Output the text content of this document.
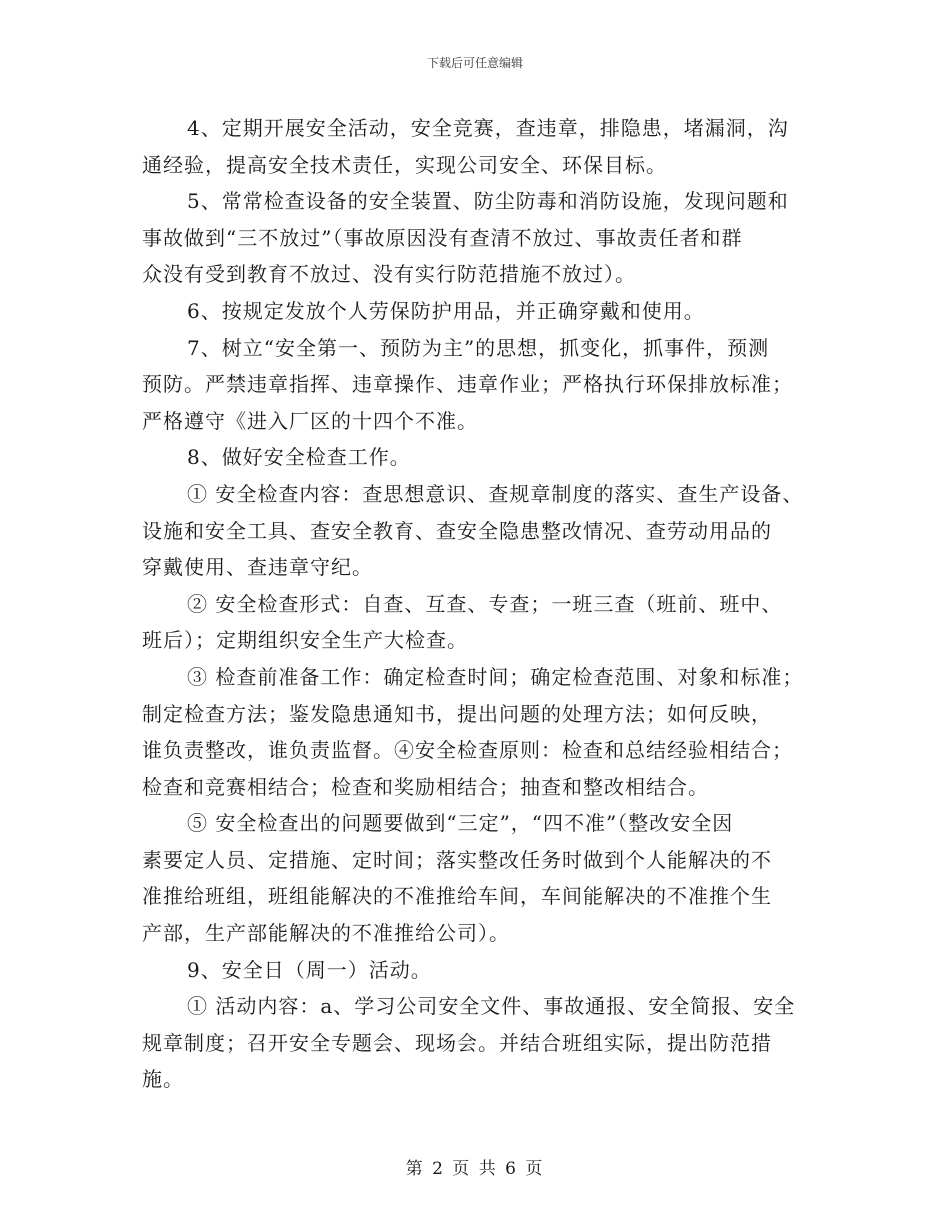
下载后可任意编辑
4、定期开展安全活动，安全竞赛，查违章，排隐患，堵漏洞，沟
通经验，提高安全技术责任，实现公司安全、环保目标。
5、常常检查设备的安全装置、防尘防毒和消防设施，发现问题和
事故做到“三不放过”（事故原因没有查清不放过、事故责任者和群
众没有受到教育不放过、没有实行防范措施不放过）。
6、按规定发放个人劳保防护用品，并正确穿戴和使用。
7、树立“安全第一、预防为主”的思想，抓变化，抓事件，预测
预防。严禁违章指挥、违章操作、违章作业；严格执行环保排放标准；
严格遵守《进入厂区的十四个不准。
8、做好安全检查工作。
① 安全检查内容：查思想意识、查规章制度的落实、查生产设备、
设施和安全工具、查安全教育、查安全隐患整改情况、查劳动用品的
穿戴使用、查违章守纪。
② 安全检查形式：自查、互查、专查；一班三查（班前、班中、
班后）；定期组织安全生产大检查。
③ 检查前准备工作：确定检查时间；确定检查范围、对象和标准；
制定检查方法；鉴发隐患通知书，提出问题的处理方法；如何反映，
谁负责整改，谁负责监督。④安全检查原则：检查和总结经验相结合；
检查和竞赛相结合；检查和奖励相结合；抽查和整改相结合。
⑤ 安全检查出的问题要做到“三定”，“四不准”（整改安全因
素要定人员、定措施、定时间；落实整改任务时做到个人能解决的不
准推给班组，班组能解决的不准推给车间，车间能解决的不准推个生
产部，生产部能解决的不准推给公司）。
9、安全日（周一）活动。
① 活动内容：a、学习公司安全文件、事故通报、安全简报、安全
规章制度；召开安全专题会、现场会。并结合班组实际，提出防范措
施。
第 2 页 共 6 页
